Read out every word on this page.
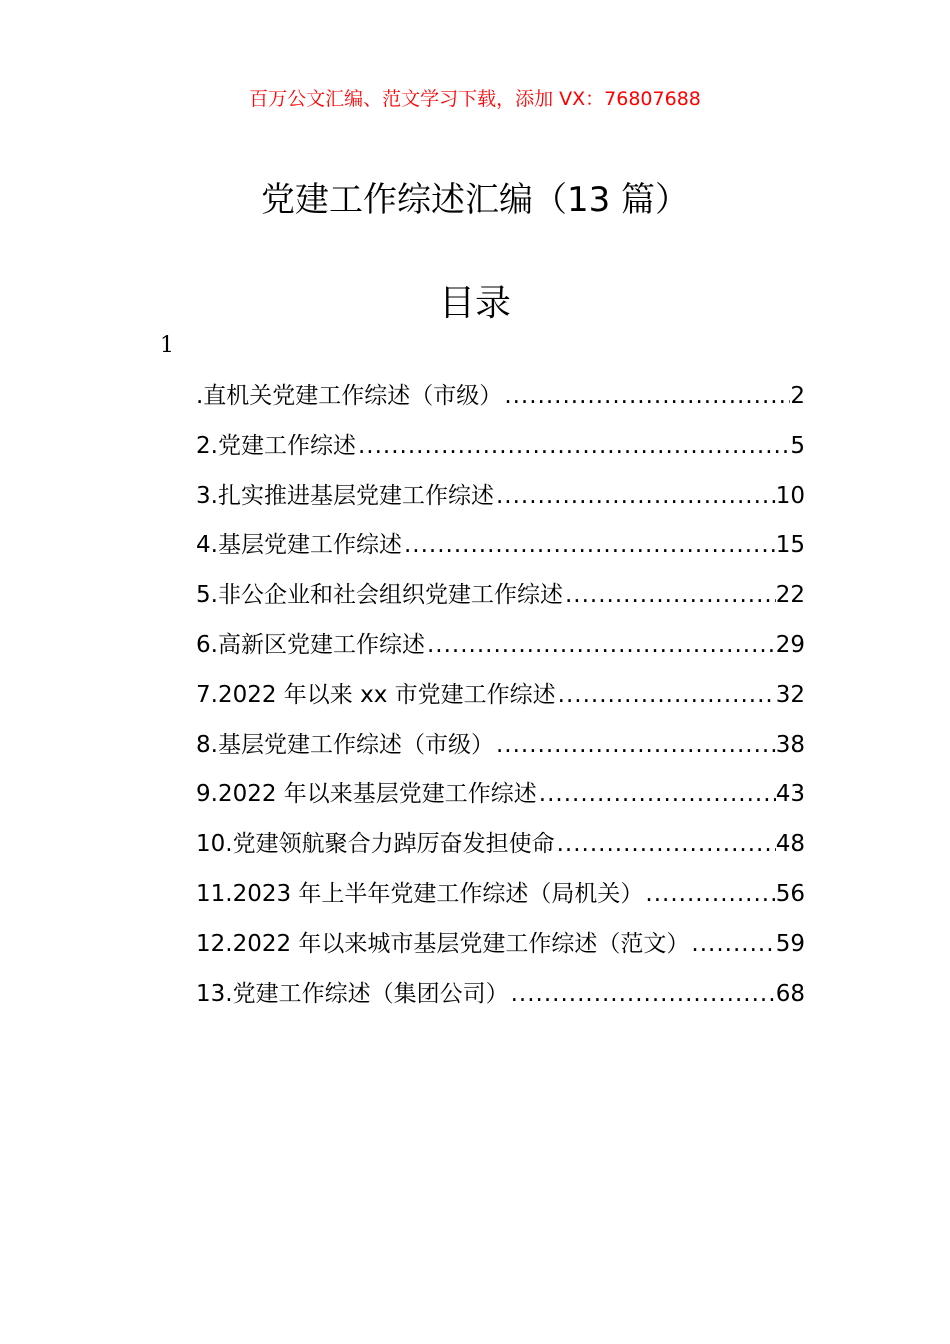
百万公文汇编、范文学习下载，添加 VX：76807688
党建工作综述汇编（13 篇）
目录
1
.直机关党建工作综述（市级） .....	2
2.党建工作综述 .....	5
3.扎实推进基层党建工作综述 .....	10
4.基层党建工作综述 .....	15
5.非公企业和社会组织党建工作综述 .....	22
6.高新区党建工作综述 .....	29
7.2022 年以来 xx 市党建工作综述 .....	32
8.基层党建工作综述（市级） .....	38
9.2022 年以来基层党建工作综述 .....	43
10.党建领航聚合力踔厉奋发担使命 .....	48
11.2023 年上半年党建工作综述（局机关） .....	56
12.2022 年以来城市基层党建工作综述（范文） .....	59
13.党建工作综述（集团公司） .....	68
